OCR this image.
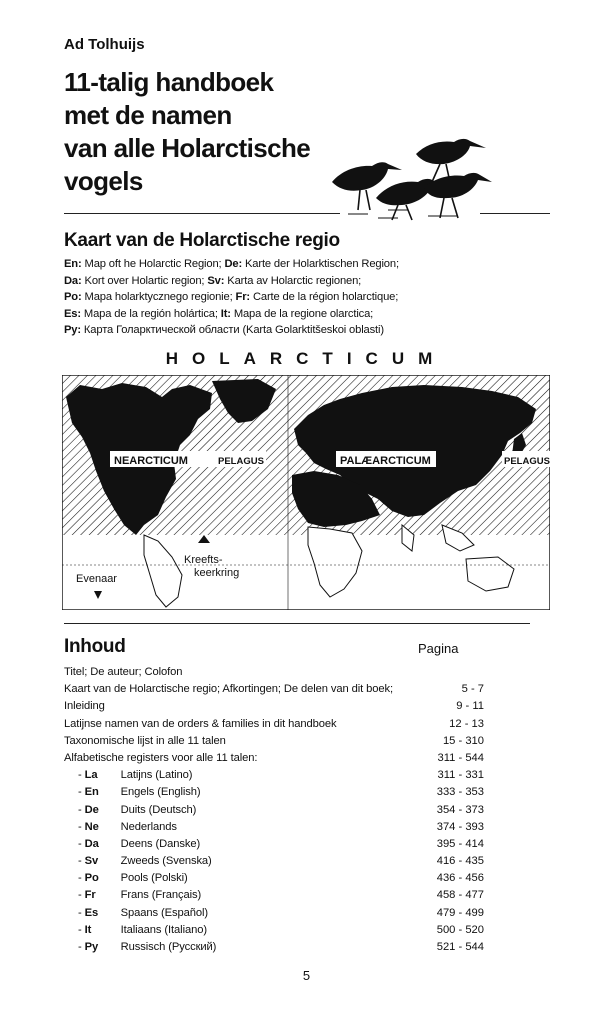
Ad Tolhuijs
11-talig handboek
met de namen
van alle Holarctische
vogels
Kaart van de Holarctische regio
En: Map oft he Holarctic Region; De: Karte der Holarktischen Region;
Da: Kort over Holartic region; Sv: Karta av Holarctic regionen;
Po: Mapa holarktycznego regionie; Fr: Carte de la région holarctique;
Es: Mapa de la región holártica; It: Mapa de la regione olarctica;
Py: Карта Голарктической области (Karta Golarktitšeskoi oblasti)
HOLARCTICUM
NEARCTICUM	PELAGUS	PALÆARCTICUM	PELAGUS
Kreefts-
keerkring
Evenaar
Inhoud	Pagina
Titel; De auteur; Colofon
Kaart van de Holarctische regio; Afkortingen; De delen van dit boek;	5 - 7
Inleiding	9 - 11
Latijnse namen van de orders & families in dit handboek	12 - 13
Taxonomische lijst in alle 11 talen	15 - 310
Alfabetische registers voor alle 11 talen:	311 - 544
- La Latijns (Latino)	311 - 331
- En Engels (English)	333 - 353
- De Duits (Deutsch)	354 - 373
- Ne Nederlands	374 - 393
- Da Deens (Danske)	395 - 414
- Sv Zweeds (Svenska)	416 - 435
- Po Pools (Polski)	436 - 456
- Fr Frans (Français)	458 - 477
- Es Spaans (Español)	479 - 499
- It	Italiaans (Italiano)	500 - 520
- Py Russisch (Русский)	521 - 544
5
